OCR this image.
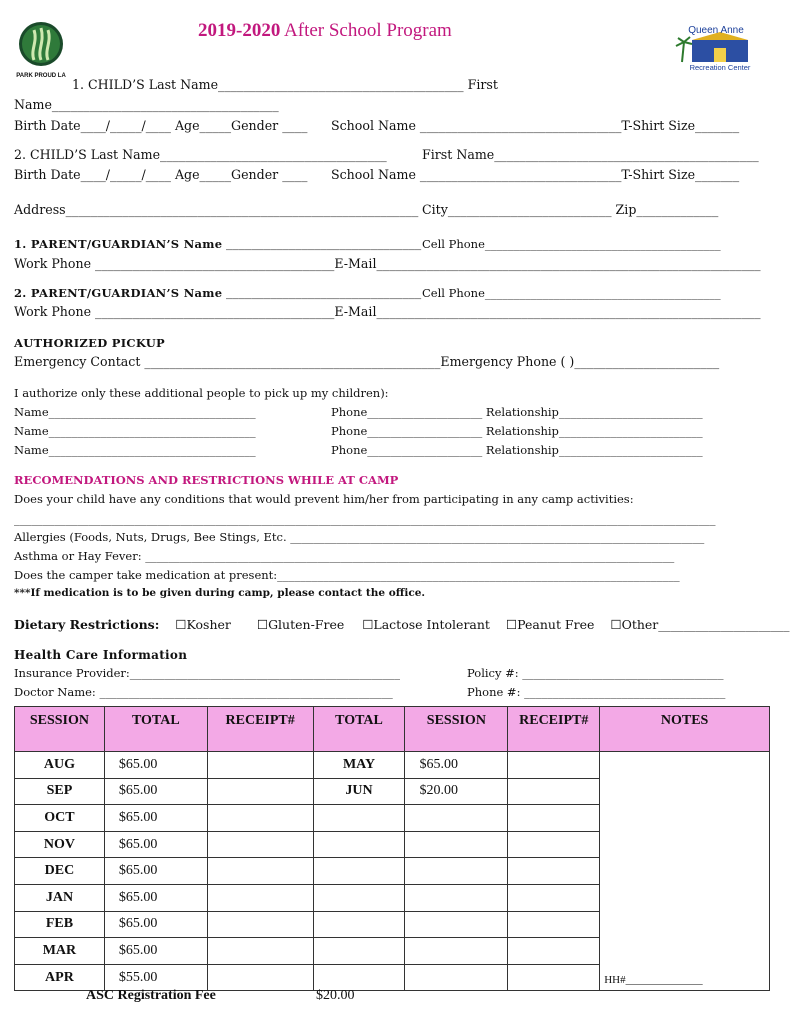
PARK PROUD LA
Queen Anne
Recreation Center
2019-2020 After School Program
1. CHILD’S Last Name_______________________________________ First
Name____________________________________
Birth Date____/_____/____ Age_____Gender ____ School Name ________________________________T-Shirt Size_______
2. CHILD’S Last Name____________________________________	First Name__________________________________________
Birth Date____/_____/____ Age_____Gender ____ School Name ________________________________T-Shirt Size_______
Address________________________________________________________ City__________________________ Zip_____________
1. PARENT/GUARDIAN’S Name _______________________________ Cell Phone_________________________________________
Work Phone ______________________________________E-Mail_____________________________________________________________
2. PARENT/GUARDIAN’S Name _______________________________ Cell Phone_________________________________________
Work Phone ______________________________________E-Mail_____________________________________________________________
AUTHORIZED PICKUP
Emergency Contact _______________________________________________Emergency Phone ( )_______________________
I authorize only these additional people to pick up my children):
Name____________________________________	Phone____________________ Relationship_________________________
Name____________________________________	Phone____________________ Relationship_________________________
Name____________________________________	Phone____________________ Relationship_________________________
RECOMENDATIONS AND RESTRICTIONS WHILE AT CAMP
Does your child have any conditions that would prevent him/her from participating in any camp activities:
__________________________________________________________________________________________________________________________
Allergies (Foods, Nuts, Drugs, Bee Stings, Etc. ________________________________________________________________________
Asthma or Hay Fever: ____________________________________________________________________________________________
Does the camper take medication at present:______________________________________________________________________
***If medication is to be given during camp, please contact the office.
Dietary Restrictions: ☐Kosher ☐Gluten-Free ☐Lactose Intolerant ☐Peanut Free ☐Other_____________________
Health Care Information
Insurance Provider:_______________________________________________	Policy #: ___________________________________
Doctor Name: ___________________________________________________	Phone #: ___________________________________
SESSION	TOTAL	RECEIPT#	TOTAL	SESSION	RECEIPT#	NOTES
AUG	$65.00		MAY	$65.00		HH#______________
SEP	$65.00		JUN	$20.00		
OCT	$65.00					
NOV	$65.00					
DEC	$65.00					
JAN	$65.00					
FEB	$65.00					
MAR	$65.00					
APR	$55.00					
ASC Registration Fee	$20.00
